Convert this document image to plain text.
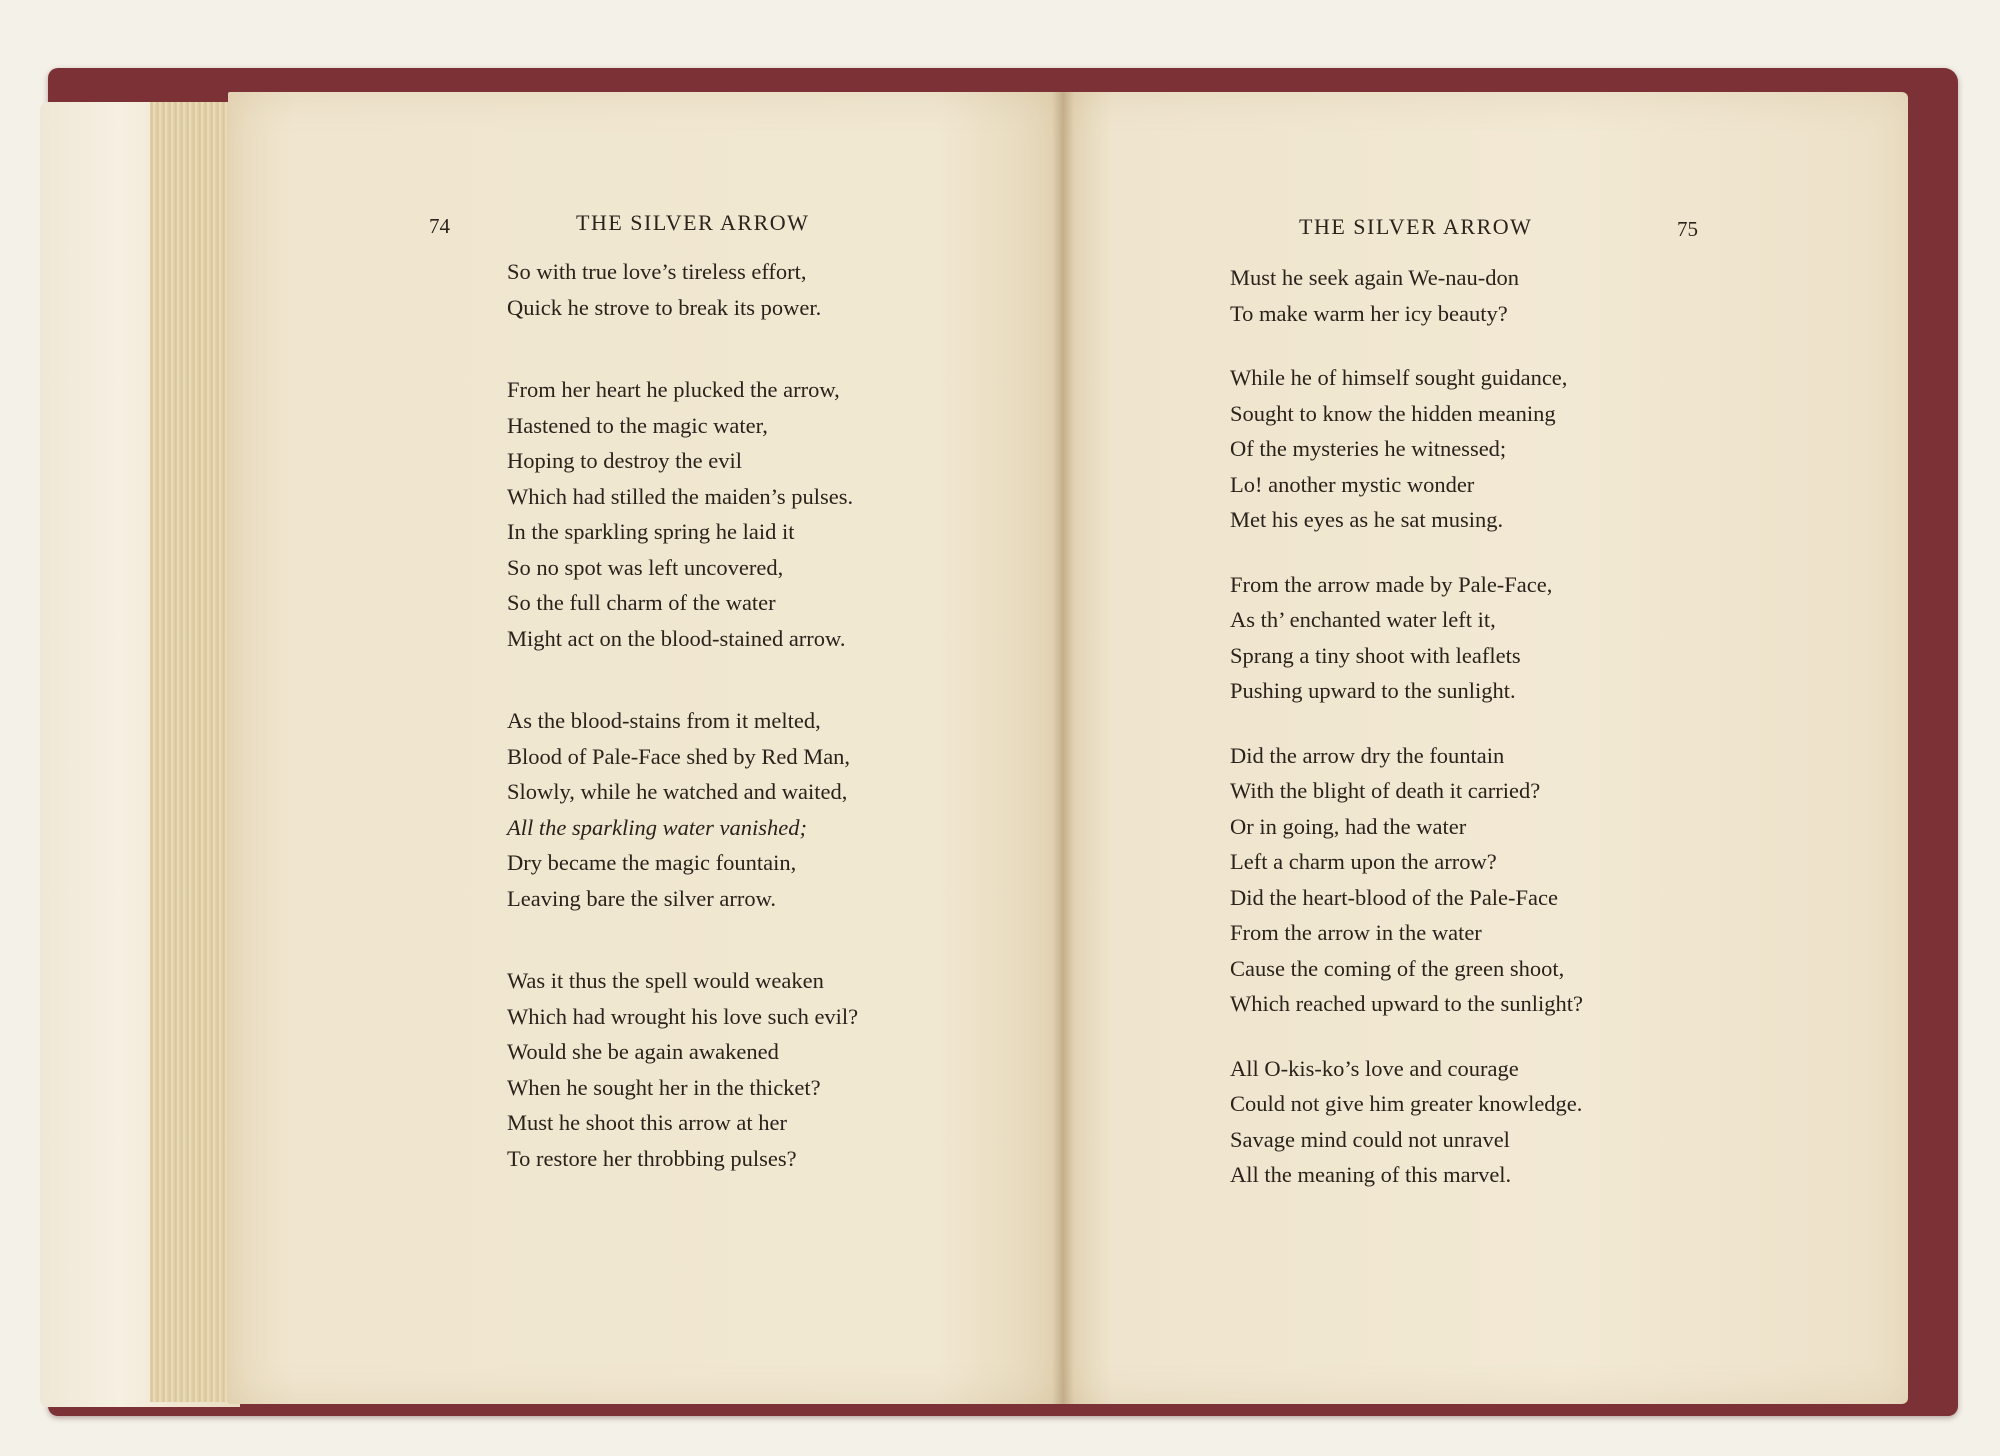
74	THE SILVER ARROW
So with true love’s tireless effort,
Quick he strove to break its power.
From her heart he plucked the arrow,
Hastened to the magic water,
Hoping to destroy the evil
Which had stilled the maiden’s pulses.
In the sparkling spring he laid it
So no spot was left uncovered,
So the full charm of the water
Might act on the blood-stained arrow.
As the blood-stains from it melted,
Blood of Pale-Face shed by Red Man,
Slowly, while he watched and waited,
All the sparkling water vanished;
Dry became the magic fountain,
Leaving bare the silver arrow.
Was it thus the spell would weaken
Which had wrought his love such evil?
Would she be again awakened
When he sought her in the thicket?
Must he shoot this arrow at her
To restore her throbbing pulses?
THE SILVER ARROW	75
Must he seek again We-nau-don
To make warm her icy beauty?
While he of himself sought guidance,
Sought to know the hidden meaning
Of the mysteries he witnessed;
Lo! another mystic wonder
Met his eyes as he sat musing.
From the arrow made by Pale-Face,
As th’ enchanted water left it,
Sprang a tiny shoot with leaflets
Pushing upward to the sunlight.
Did the arrow dry the fountain
With the blight of death it carried?
Or in going, had the water
Left a charm upon the arrow?
Did the heart-blood of the Pale-Face
From the arrow in the water
Cause the coming of the green shoot,
Which reached upward to the sunlight?
All O-kis-ko’s love and courage
Could not give him greater knowledge.
Savage mind could not unravel
All the meaning of this marvel.
